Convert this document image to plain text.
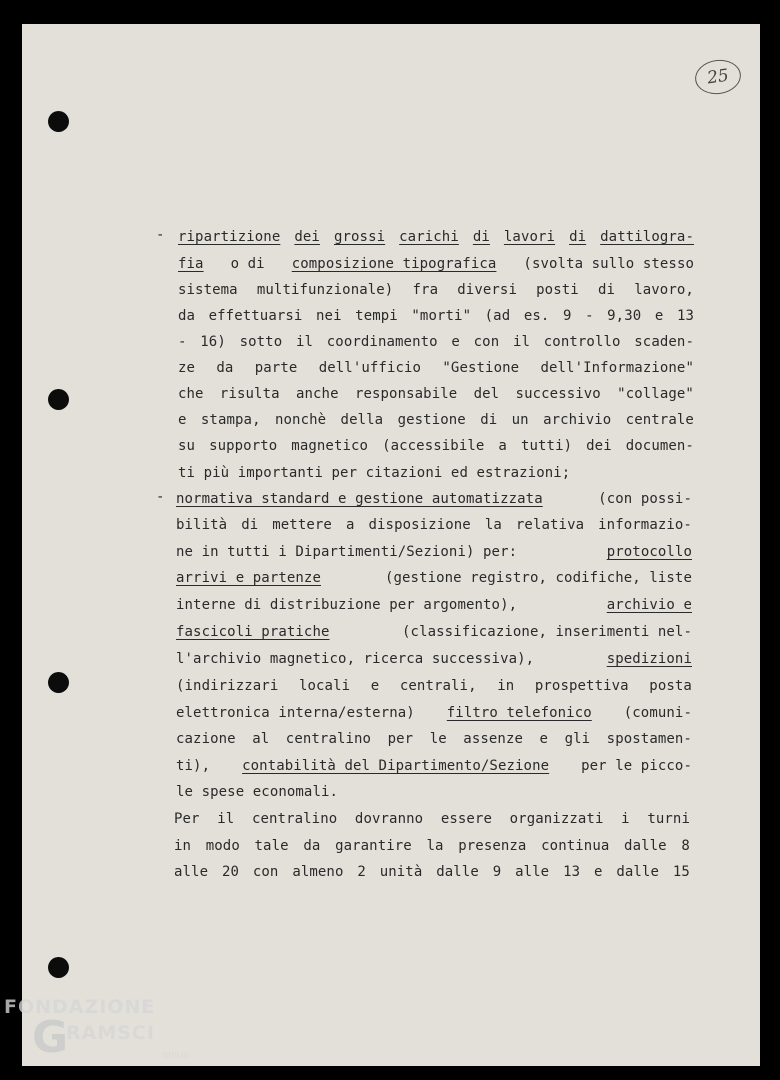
25
-
-
ripartizione dei grossi carichi di lavori di dattilogra-
fia o di composizione tipografica (svolta sullo stesso
sistema multifunzionale) fra diversi posti di lavoro,
da effettuarsi nei tempi "morti" (ad es. 9 - 9,30 e 13
- 16) sotto il coordinamento e con il controllo scaden-
ze da parte dell'ufficio "Gestione dell'Informazione"
che risulta anche responsabile del successivo "collage"
e stampa, nonchè della gestione di un archivio centrale
su supporto magnetico (accessibile a tutti) dei documen-
ti più importanti per citazioni ed estrazioni;
normativa standard e gestione automatizzata	(con possi-
bilità di mettere a disposizione la relativa informazio-
ne in tutti i Dipartimenti/Sezioni) per:	protocollo
arrivi e partenze	(gestione registro, codifiche, liste
interne di distribuzione per argomento),	archivio e
fascicoli pratiche	(classificazione, inserimenti nel-
l'archivio magnetico, ricerca successiva),	spedizioni
(indirizzari locali e centrali, in prospettiva posta
elettronica interna/esterna) filtro telefonico (comuni-
cazione al centralino per le assenze e gli spostamen-
ti), contabilità del Dipartimento/Sezione per le picco-
le spese economali.
Per il centralino dovranno essere organizzati i turni
in modo tale da garantire la presenza continua dalle 8
alle 20 con almeno 2 unità dalle 9 alle 13 e dalle 15
FONDAZIONE
G
RAMSCI
onlus
